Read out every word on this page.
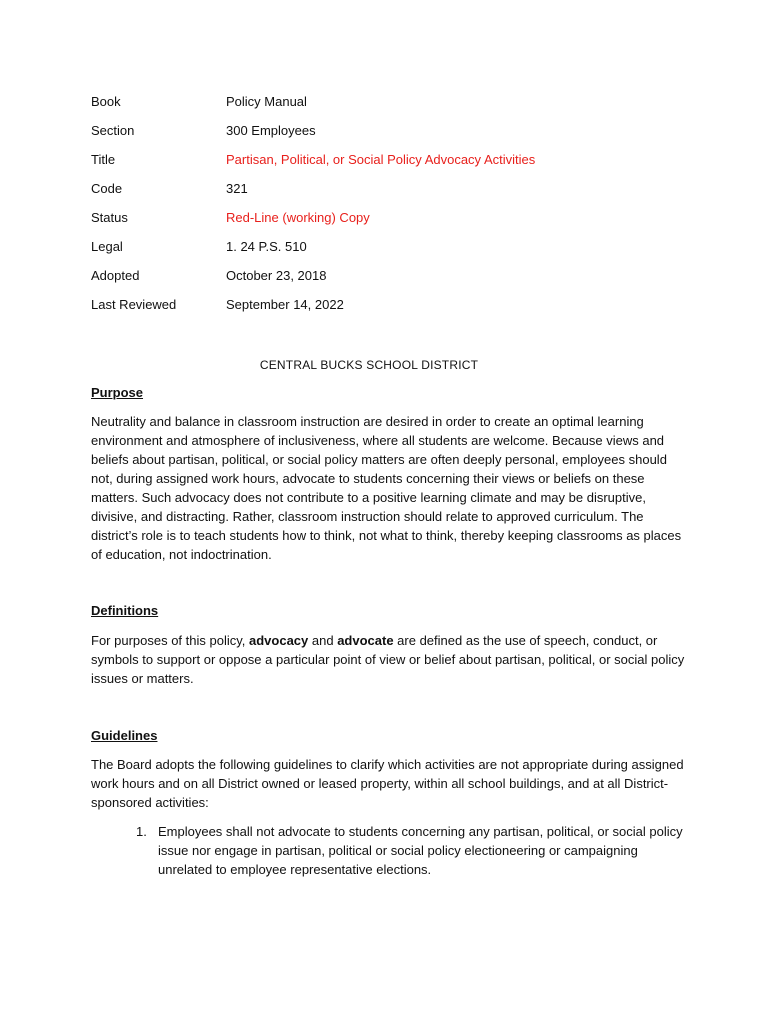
Book	Policy Manual
Section	300 Employees
Title	Partisan, Political, or Social Policy Advocacy Activities
Code	321
Status	Red-Line (working) Copy
Legal	1. 24 P.S. 510
Adopted	October 23, 2018
Last Reviewed	September 14, 2022
CENTRAL BUCKS SCHOOL DISTRICT
Purpose
Neutrality and balance in classroom instruction are desired in order to create an optimal learning
environment and atmosphere of inclusiveness, where all students are welcome. Because views and
beliefs about partisan, political, or social policy matters are often deeply personal, employees should
not, during assigned work hours, advocate to students concerning their views or beliefs on these
matters. Such advocacy does not contribute to a positive learning climate and may be disruptive,
divisive, and distracting. Rather, classroom instruction should relate to approved curriculum. The
district’s role is to teach students how to think, not what to think, thereby keeping classrooms as places
of education, not indoctrination.
Definitions
For purposes of this policy, advocacy and advocate are defined as the use of speech, conduct, or
symbols to support or oppose a particular point of view or belief about partisan, political, or social policy
issues or matters.
Guidelines
The Board adopts the following guidelines to clarify which activities are not appropriate during assigned
work hours and on all District owned or leased property, within all school buildings, and at all District-
sponsored activities:
1. Employees shall not advocate to students concerning any partisan, political, or social policy
issue nor engage in partisan, political or social policy electioneering or campaigning
unrelated to employee representative elections.
